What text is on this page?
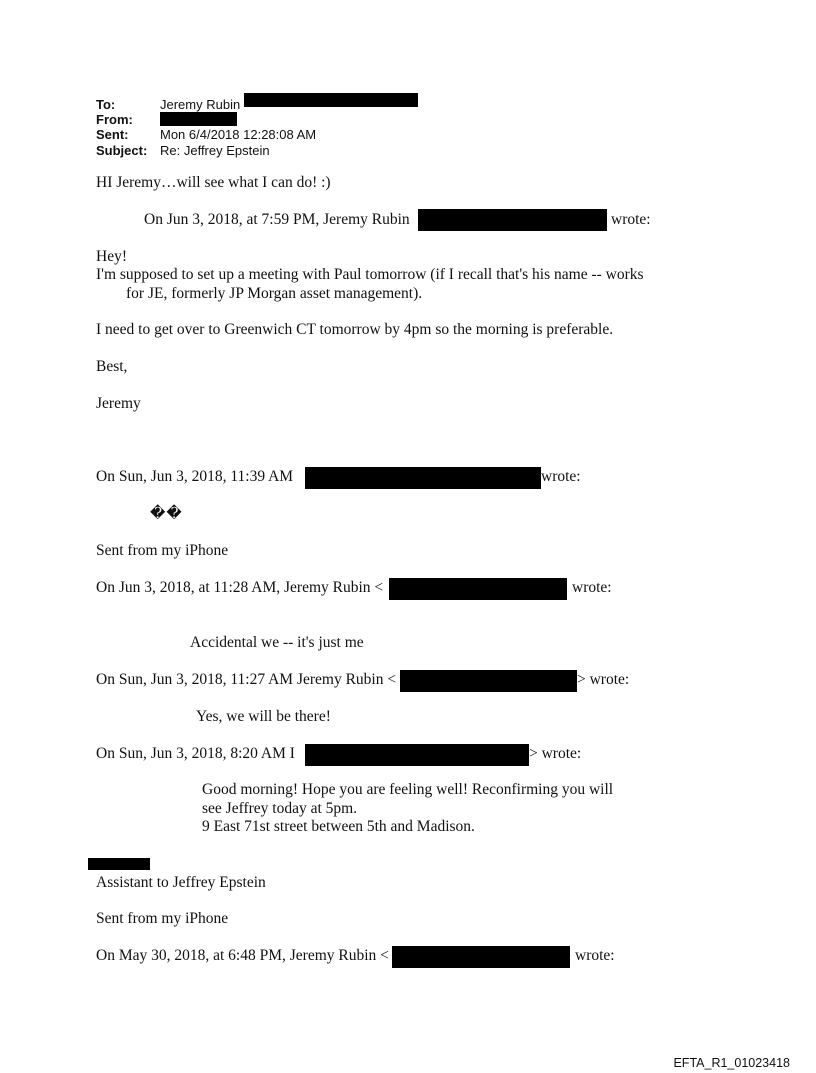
To:	Jeremy Rubin
From:
Sent: Mon 6/4/2018 12:28:08 AM
Subject: Re: Jeffrey Epstein
HI Jeremy…will see what I can do! :)
On Jun 3, 2018, at 7:59 PM, Jeremy Rubin	wrote:
Hey!
I'm supposed to set up a meeting with Paul tomorrow (if I recall that's his name -- works
for JE, formerly JP Morgan asset management).
I need to get over to Greenwich CT tomorrow by 4pm so the morning is preferable.
Best,
Jeremy
On Sun, Jun 3, 2018, 11:39 AM	wrote:
��
Sent from my iPhone
On Jun 3, 2018, at 11:28 AM, Jeremy Rubin <	wrote:
Accidental we -- it's just me
On Sun, Jun 3, 2018, 11:27 AM Jeremy Rubin <	> wrote:
Yes, we will be there!
On Sun, Jun 3, 2018, 8:20 AM I	> wrote:
Good morning! Hope you are feeling well! Reconfirming you will
see Jeffrey today at 5pm.
9 East 71st street between 5th and Madison.
Assistant to Jeffrey Epstein
Sent from my iPhone
On May 30, 2018, at 6:48 PM, Jeremy Rubin <	wrote:
EFTA_R1_01023418
